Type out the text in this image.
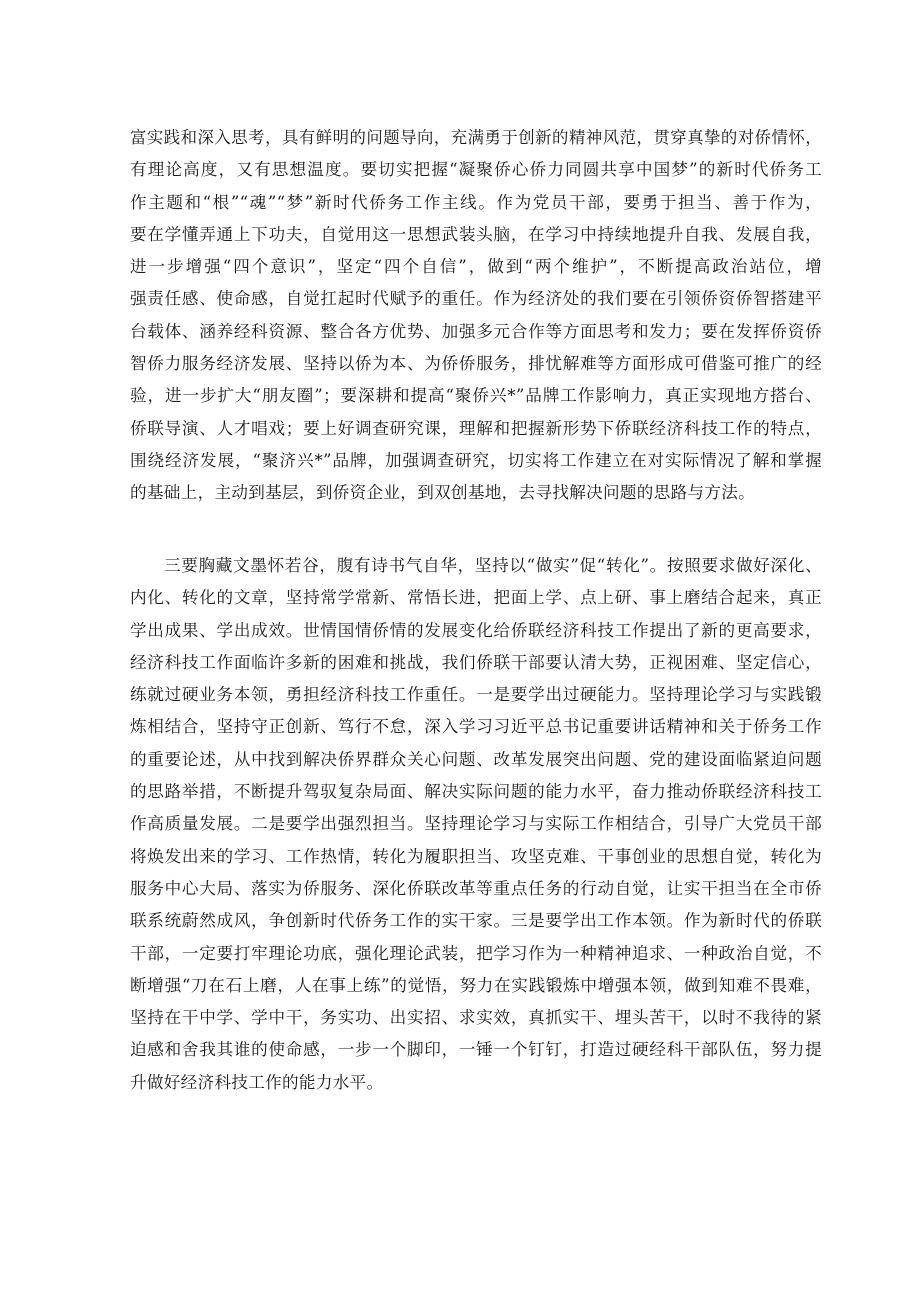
富实践和深入思考，具有鲜明的问题导向，充满勇于创新的精神风范，贯穿真挚的对侨情怀，
有理论高度，又有思想温度。要切实把握“凝聚侨心侨力同圆共享中国梦”的新时代侨务工
作主题和“根”“魂”“梦”新时代侨务工作主线。作为党员干部，要勇于担当、善于作为，
要在学懂弄通上下功夫，自觉用这一思想武装头脑，在学习中持续地提升自我、发展自我，
进一步增强“四个意识”，坚定“四个自信”，做到“两个维护”，不断提高政治站位，增
强责任感、使命感，自觉扛起时代赋予的重任。作为经济处的我们要在引领侨资侨智搭建平
台载体、涵养经科资源、整合各方优势、加强多元合作等方面思考和发力；要在发挥侨资侨
智侨力服务经济发展、坚持以侨为本、为侨侨服务，排忧解难等方面形成可借鉴可推广的经
验，进一步扩大“朋友圈”；要深耕和提高“聚侨兴*”品牌工作影响力，真正实现地方搭台、
侨联导演、人才唱戏；要上好调查研究课，理解和把握新形势下侨联经济科技工作的特点，
围绕经济发展，“聚济兴*”品牌，加强调查研究，切实将工作建立在对实际情况了解和掌握
的基础上，主动到基层，到侨资企业，到双创基地，去寻找解决问题的思路与方法。
三要胸藏文墨怀若谷，腹有诗书气自华，坚持以“做实”促“转化”。按照要求做好深化、
内化、转化的文章，坚持常学常新、常悟长进，把面上学、点上研、事上磨结合起来，真正
学出成果、学出成效。世情国情侨情的发展变化给侨联经济科技工作提出了新的更高要求，
经济科技工作面临许多新的困难和挑战，我们侨联干部要认清大势，正视困难、坚定信心，
练就过硬业务本领，勇担经济科技工作重任。一是要学出过硬能力。坚持理论学习与实践锻
炼相结合，坚持守正创新、笃行不怠，深入学习习近平总书记重要讲话精神和关于侨务工作
的重要论述，从中找到解决侨界群众关心问题、改革发展突出问题、党的建设面临紧迫问题
的思路举措，不断提升驾驭复杂局面、解决实际问题的能力水平，奋力推动侨联经济科技工
作高质量发展。二是要学出强烈担当。坚持理论学习与实际工作相结合，引导广大党员干部
将焕发出来的学习、工作热情，转化为履职担当、攻坚克难、干事创业的思想自觉，转化为
服务中心大局、落实为侨服务、深化侨联改革等重点任务的行动自觉，让实干担当在全市侨
联系统蔚然成风，争创新时代侨务工作的实干家。三是要学出工作本领。作为新时代的侨联
干部，一定要打牢理论功底，强化理论武装，把学习作为一种精神追求、一种政治自觉，不
断增强“刀在石上磨，人在事上练”的觉悟，努力在实践锻炼中增强本领，做到知难不畏难，
坚持在干中学、学中干，务实功、出实招、求实效，真抓实干、埋头苦干，以时不我待的紧
迫感和舍我其谁的使命感，一步一个脚印，一锤一个钉钉，打造过硬经科干部队伍，努力提
升做好经济科技工作的能力水平。
